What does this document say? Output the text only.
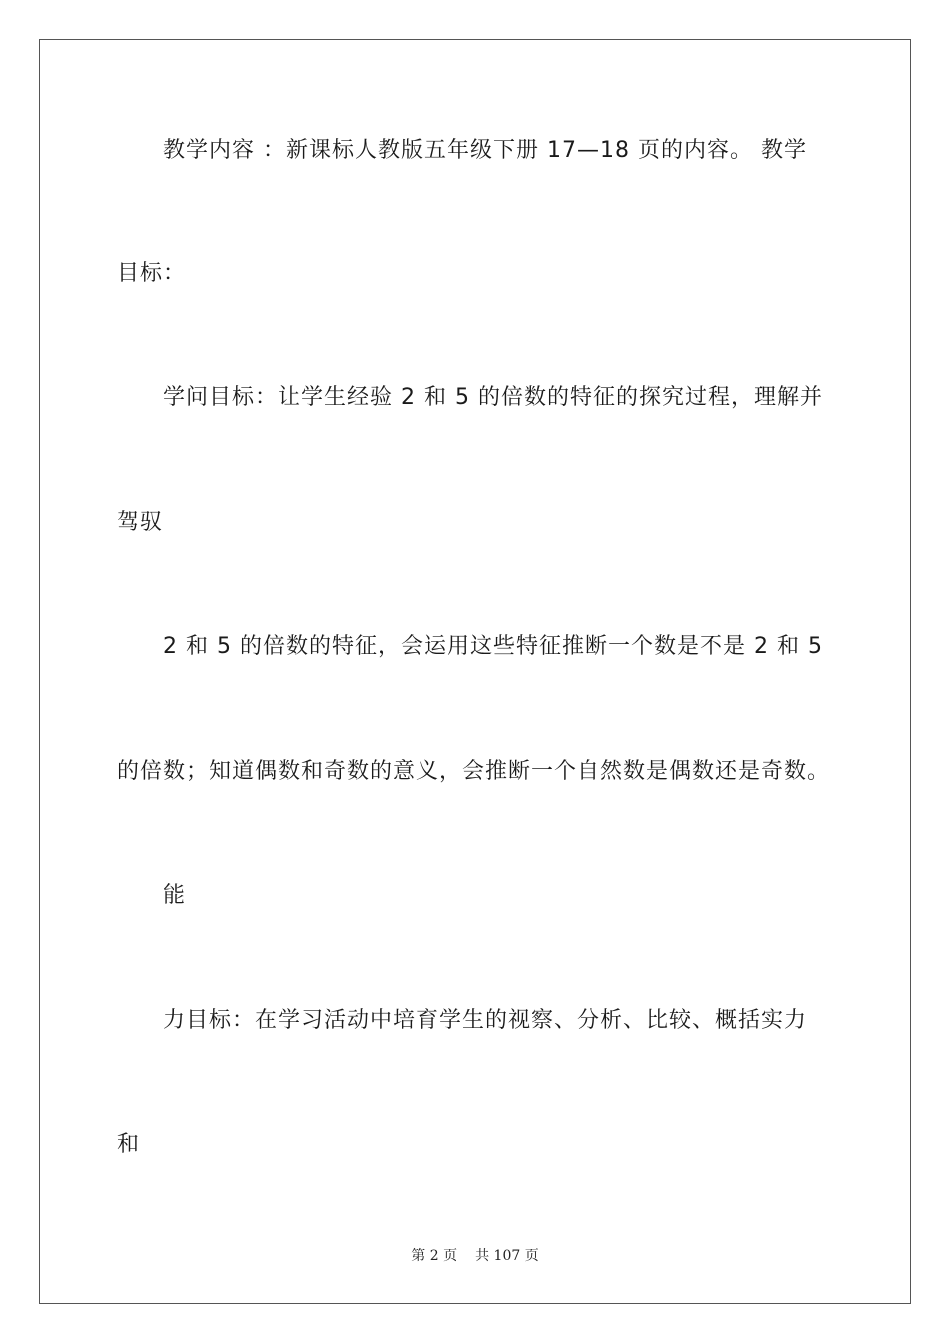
教学内容 ：新课标人教版五年级下册 17—18 页的内容。 教学
目标：
学问目标：让学生经验 2 和 5 的倍数的特征的探究过程，理解并
驾驭
2 和 5 的倍数的特征，会运用这些特征推断一个数是不是 2 和 5
的倍数；知道偶数和奇数的意义，会推断一个自然数是偶数还是奇数。
能
力目标：在学习活动中培育学生的视察、分析、比较、概括实力
和
第 2 页 共 107 页
